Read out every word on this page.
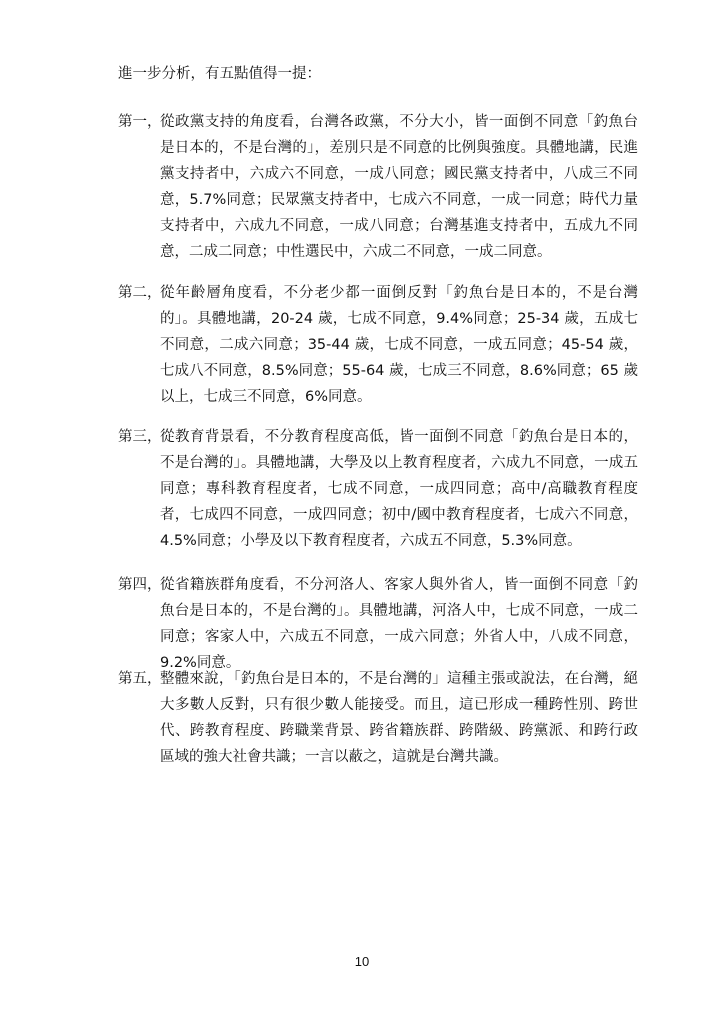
進一步分析，有五點值得一提：

第一，
從政黨支持的角度看，台灣各政黨，不分大小，皆一面倒不同意「釣魚台是日本的，不是台灣的」，差別只是不同意的比例與強度。具體地講，民進黨支持者中，六成六不同意，一成八同意；國民黨支持者中，八成三不同意，5.7%同意；民眾黨支持者中，七成六不同意，一成一同意；時代力量支持者中，六成九不同意，一成八同意；台灣基進支持者中，五成九不同意，二成二同意；中性選民中，六成二不同意，一成二同意。
第二，
從年齡層角度看，不分老少都一面倒反對「釣魚台是日本的，不是台灣的」。具體地講，20-24 歲，七成不同意，9.4%同意；25-34 歲，五成七不同意，二成六同意；35-44 歲，七成不同意，一成五同意；45-54 歲，七成八不同意，8.5%同意；55-64 歲，七成三不同意，8.6%同意；65 歲以上，七成三不同意，6%同意。
第三，
從教育背景看，不分教育程度高低，皆一面倒不同意「釣魚台是日本的，不是台灣的」。具體地講，大學及以上教育程度者，六成九不同意，一成五同意；專科教育程度者，七成不同意，一成四同意；高中/高職教育程度者，七成四不同意，一成四同意；初中/國中教育程度者，七成六不同意，4.5%同意；小學及以下教育程度者，六成五不同意，5.3%同意。
第四，
從省籍族群角度看，不分河洛人、客家人與外省人，皆一面倒不同意「釣魚台是日本的，不是台灣的」。具體地講，河洛人中，七成不同意，一成二同意；客家人中，六成五不同意，一成六同意；外省人中，八成不同意，9.2%同意。
第五，
整體來說，「釣魚台是日本的，不是台灣的」這種主張或說法，在台灣，絕大多數人反對，只有很少數人能接受。而且，這已形成一種跨性別、跨世代、跨教育程度、跨職業背景、跨省籍族群、跨階級、跨黨派、和跨行政區域的強大社會共識；一言以蔽之，這就是台灣共識。

10
